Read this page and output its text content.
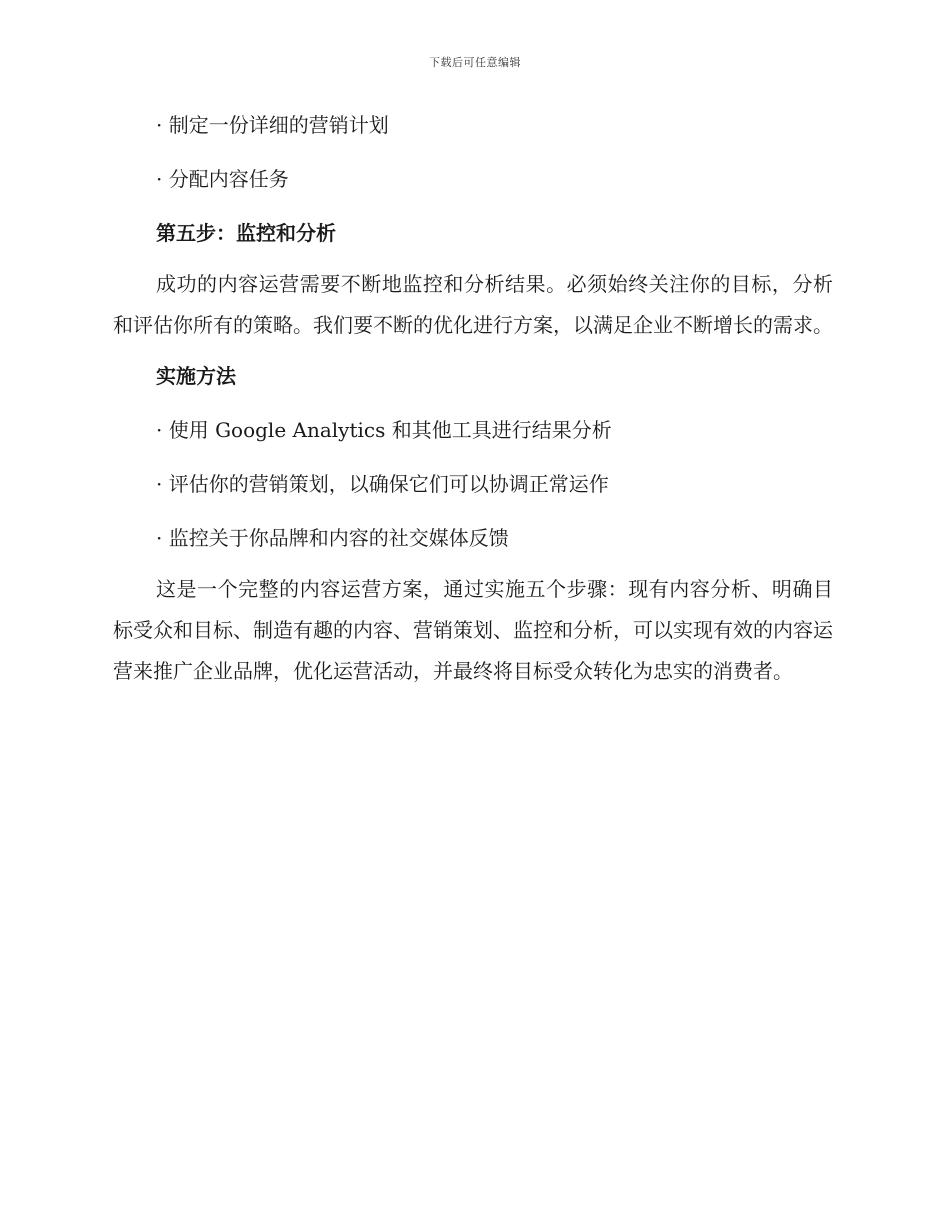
下载后可任意编辑
· 制定一份详细的营销计划
· 分配内容任务
第五步：监控和分析

成功的内容运营需要不断地监控和分析结果。必须始终关注你的目标，分析和评估你所有的策略。我们要不断的优化进行方案，以满足企业不断增长的需求。

实施方法
· 使用 Google Analytics 和其他工具进行结果分析
· 评估你的营销策划，以确保它们可以协调正常运作
· 监控关于你品牌和内容的社交媒体反馈

这是一个完整的内容运营方案，通过实施五个步骤：现有内容分析、明确目标受众和目标、制造有趣的内容、营销策划、监控和分析，可以实现有效的内容运营来推广企业品牌，优化运营活动，并最终将目标受众转化为忠实的消费者。
